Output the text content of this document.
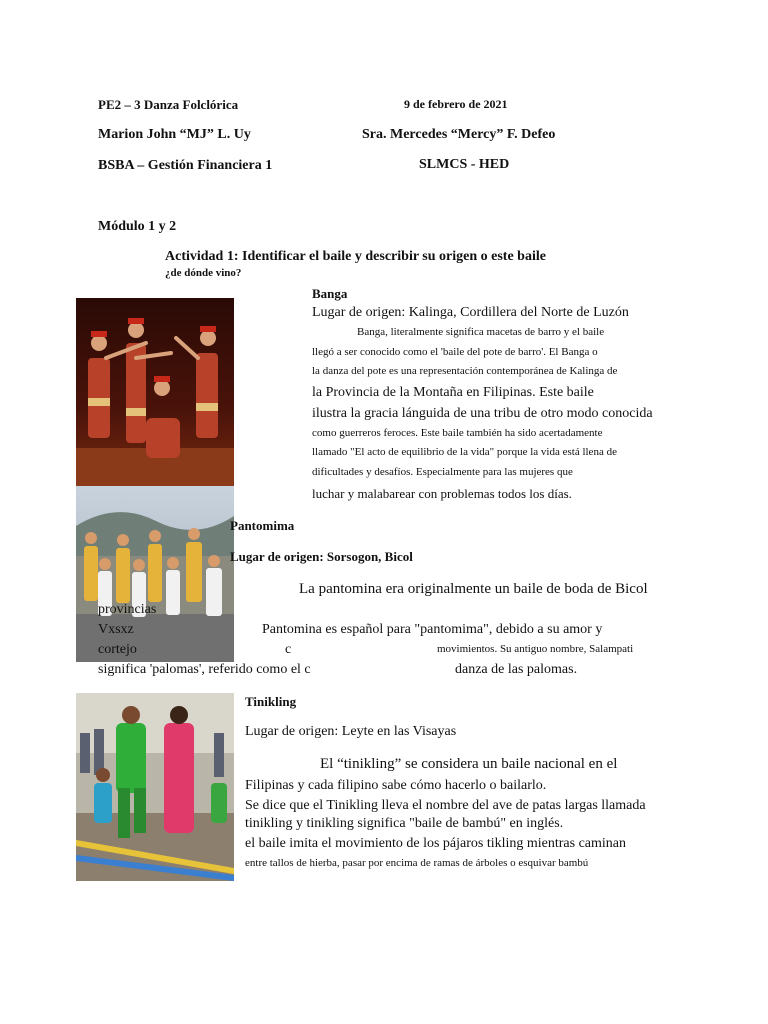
PE2 – 3 Danza Folclórica	9 de febrero de 2021
Marion John “MJ” L. Uy	Sra. Mercedes “Mercy” F. Defeo
BSBA – Gestión Financiera 1	SLMCS - HED
Módulo 1 y 2
Actividad 1: Identificar el baile y describir su origen o este baile
¿de dónde vino?
Banga
Lugar de origen: Kalinga, Cordillera del Norte de Luzón
Banga, literalmente significa macetas de barro y el baile
llegó a ser conocido como el 'baile del pote de barro'. El Banga o
la danza del pote es una representación contemporánea de Kalinga de
la Provincia de la Montaña en Filipinas. Este baile
ilustra la gracia lánguida de una tribu de otro modo conocida
como guerreros feroces. Este baile también ha sido acertadamente
llamado "El acto de equilibrio de la vida" porque la vida está llena de
dificultades y desafíos. Especialmente para las mujeres que
luchar y malabarear con problemas todos los días.
Pantomima
Lugar de origen: Sorsogon, Bicol
La pantomina era originalmente un baile de boda de Bicol
provincias
Vxsxz	Pantomina es español para "pantomima", debido a su amor y
cortejo	c	movimientos. Su antiguo nombre, Salampati
significa 'palomas', referido como el c	danza de las palomas.
Tinikling
Lugar de origen: Leyte en las Visayas
El “tinikling” se considera un baile nacional en el
Filipinas y cada filipino sabe cómo hacerlo o bailarlo.
Se dice que el Tinikling lleva el nombre del ave de patas largas llamada
tinikling y tinikling significa "baile de bambú" en inglés.
el baile imita el movimiento de los pájaros tikling mientras caminan
entre tallos de hierba, pasar por encima de ramas de árboles o esquivar bambú
